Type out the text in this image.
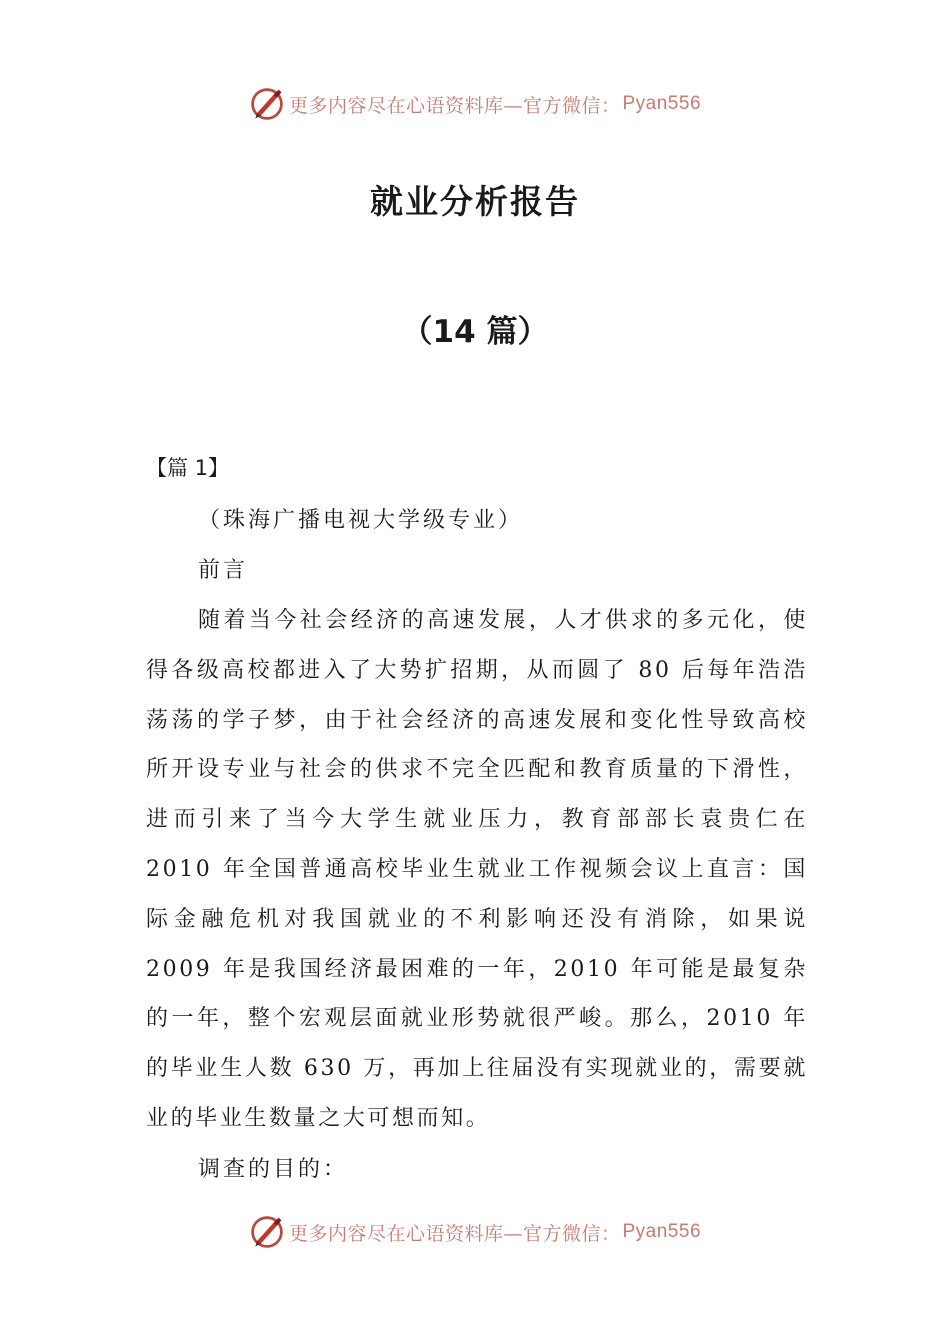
更多内容尽在心语资料库—官方微信： Pyan556
就业分析报告
（14 篇）
【篇 1】
（珠海广播电视大学级专业）
前言

随着当今社会经济的高速发展，人才供求的多元化，使得各级高校都进入了大势扩招期，从而圆了 80 后每年浩浩荡荡的学子梦，由于社会经济的高速发展和变化性导致高校所开设专业与社会的供求不完全匹配和教育质量的下滑性，进而引来了当今大学生就业压力，教育部部长袁贵仁在 2010 年全国普通高校毕业生就业工作视频会议上直言：国际金融危机对我国就业的不利影响还没有消除，如果说 2009 年是我国经济最困难的一年，2010 年可能是最复杂的一年，整个宏观层面就业形势就很严峻。那么，2010 年的毕业生人数 630 万，再加上往届没有实现就业的，需要就业的毕业生数量之大可想而知。

调查的目的：
更多内容尽在心语资料库—官方微信： Pyan556
